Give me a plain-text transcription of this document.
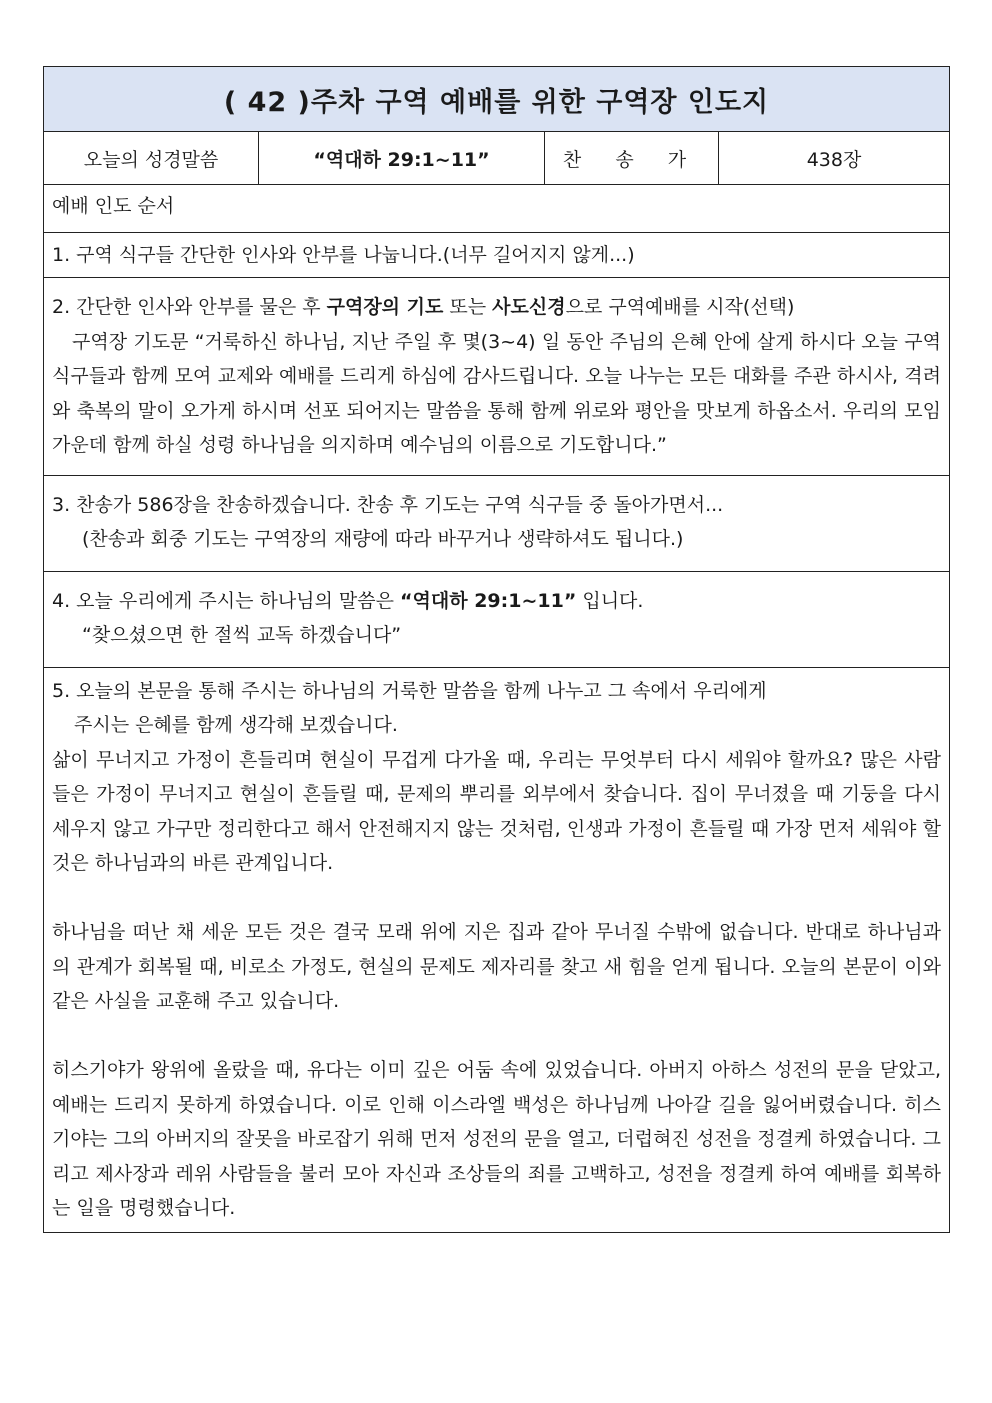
( 42 )주차 구역 예배를 위한 구역장 인도지
오늘의 성경말씀	“역대하 29:1~11”	찬 송 가	438장
예배 인도 순서
1. 구역 식구들 간단한 인사와 안부를 나눕니다.(너무 길어지지 않게...)
2. 간단한 인사와 안부를 물은 후 구역장의 기도 또는 사도신경으로 구역예배를 시작(선택)
구역장 기도문 “거룩하신 하나님, 지난 주일 후 몇(3~4) 일 동안 주님의 은혜 안에 살게 하시다 오늘 구역 식구들과 함께 모여 교제와 예배를 드리게 하심에 감사드립니다. 오늘 나누는 모든 대화를 주관 하시사, 격려와 축복의 말이 오가게 하시며 선포 되어지는 말씀을 통해 함께 위로와 평안을 맛보게 하옵소서. 우리의 모임 가운데 함께 하실 성령 하나님을 의지하며 예수님의 이름으로 기도합니다.”
3. 찬송가 586장을 찬송하겠습니다. 찬송 후 기도는 구역 식구들 중 돌아가면서...
(찬송과 회중 기도는 구역장의 재량에 따라 바꾸거나 생략하셔도 됩니다.)
4. 오늘 우리에게 주시는 하나님의 말씀은 “역대하 29:1~11” 입니다.
“찾으셨으면 한 절씩 교독 하겠습니다”
5. 오늘의 본문을 통해 주시는 하나님의 거룩한 말씀을 함께 나누고 그 속에서 우리에게
주시는 은혜를 함께 생각해 보겠습니다.
삶이 무너지고 가정이 흔들리며 현실이 무겁게 다가올 때, 우리는 무엇부터 다시 세워야 할까요? 많은 사람들은 가정이 무너지고 현실이 흔들릴 때, 문제의 뿌리를 외부에서 찾습니다. 집이 무너졌을 때 기둥을 다시 세우지 않고 가구만 정리한다고 해서 안전해지지 않는 것처럼, 인생과 가정이 흔들릴 때 가장 먼저 세워야 할 것은 하나님과의 바른 관계입니다.
하나님을 떠난 채 세운 모든 것은 결국 모래 위에 지은 집과 같아 무너질 수밖에 없습니다. 반대로 하나님과의 관계가 회복될 때, 비로소 가정도, 현실의 문제도 제자리를 찾고 새 힘을 얻게 됩니다. 오늘의 본문이 이와 같은 사실을 교훈해 주고 있습니다.
히스기야가 왕위에 올랐을 때, 유다는 이미 깊은 어둠 속에 있었습니다. 아버지 아하스 성전의 문을 닫았고, 예배는 드리지 못하게 하였습니다. 이로 인해 이스라엘 백성은 하나님께 나아갈 길을 잃어버렸습니다. 히스기야는 그의 아버지의 잘못을 바로잡기 위해 먼저 성전의 문을 열고, 더럽혀진 성전을 정결케 하였습니다. 그리고 제사장과 레위 사람들을 불러 모아 자신과 조상들의 죄를 고백하고, 성전을 정결케 하여 예배를 회복하는 일을 명령했습니다.
